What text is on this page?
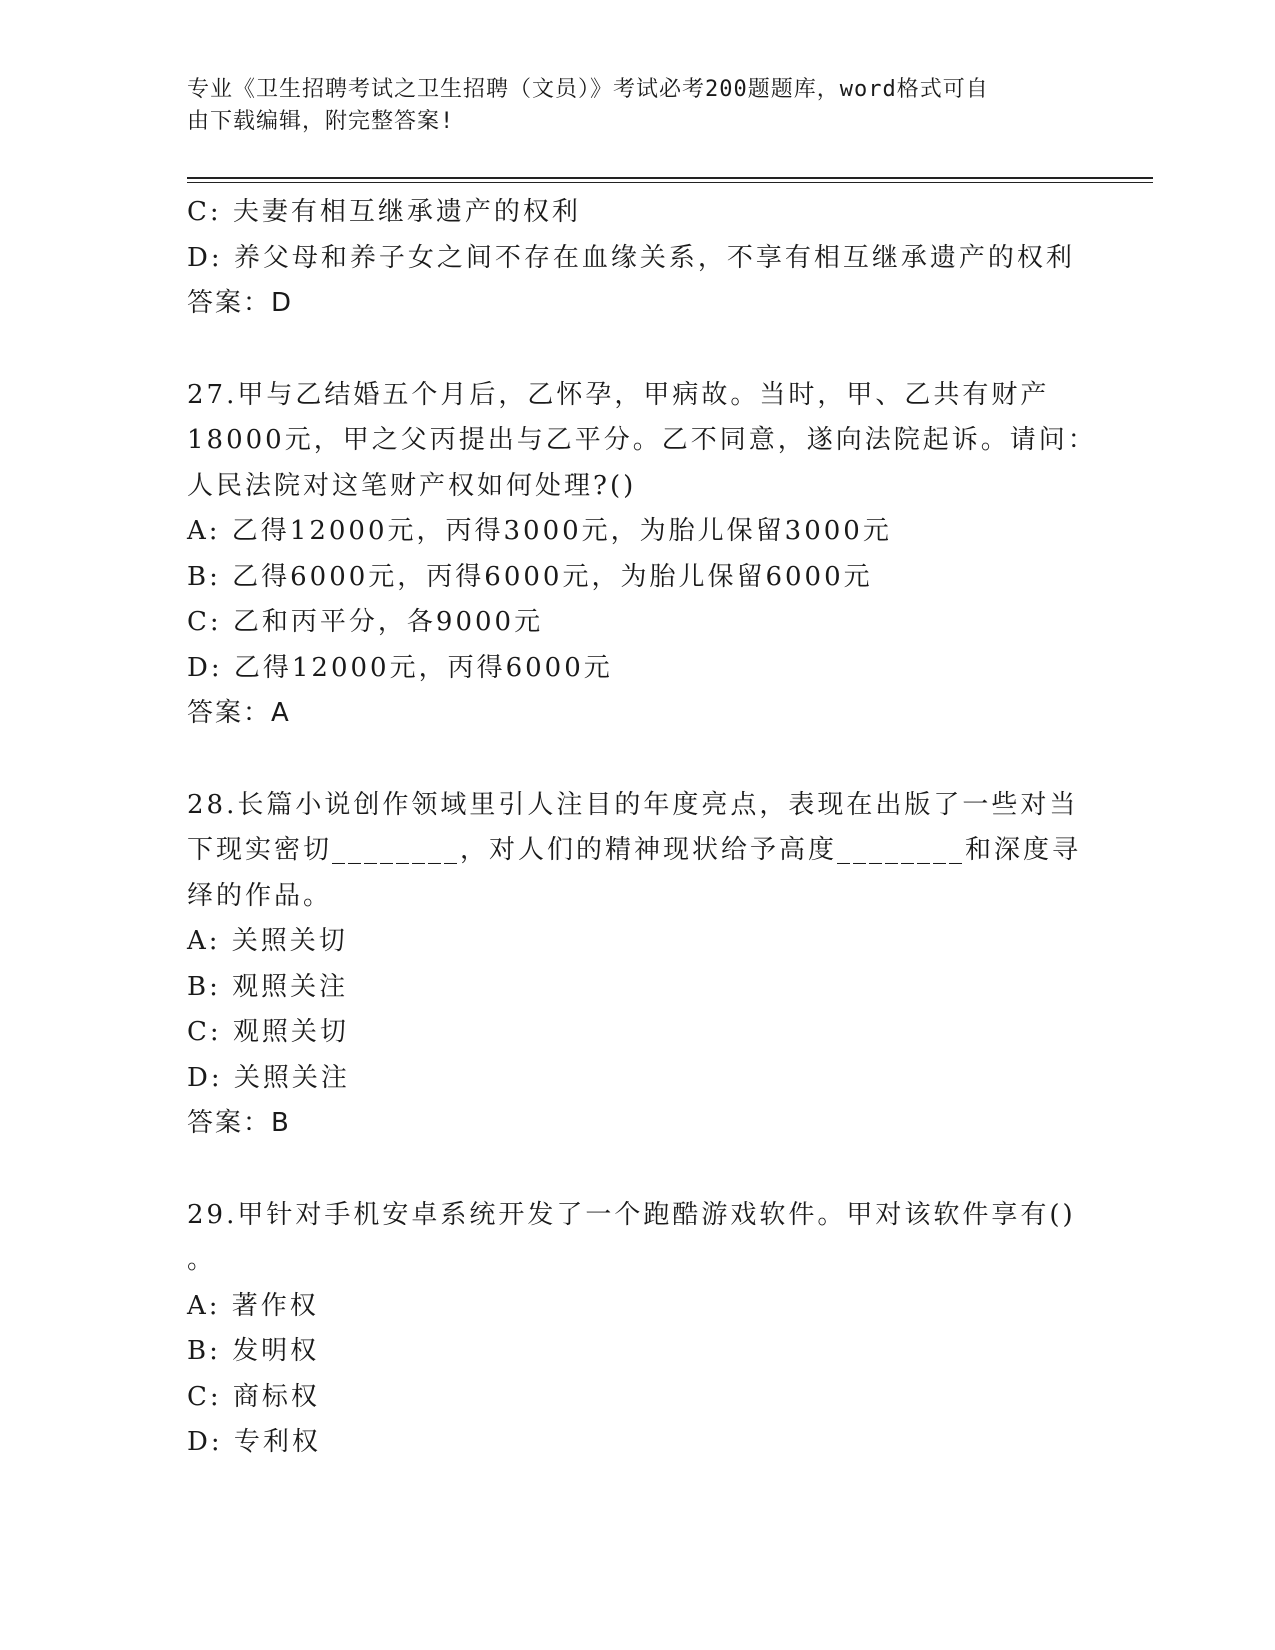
专业《卫生招聘考试之卫生招聘（文员）》考试必考200题题库，word格式可自
由下载编辑，附完整答案!
C: 夫妻有相互继承遗产的权利
D: 养父母和养子女之间不存在血缘关系，不享有相互继承遗产的权利
答案：D
27.甲与乙结婚五个月后，乙怀孕，甲病故。当时，甲、乙共有财产
18000元，甲之父丙提出与乙平分。乙不同意，遂向法院起诉。请问：
人民法院对这笔财产权如何处理?()
A: 乙得12000元，丙得3000元，为胎儿保留3000元
B: 乙得6000元，丙得6000元，为胎儿保留6000元
C: 乙和丙平分，各9000元
D: 乙得12000元，丙得6000元
答案：A
28.长篇小说创作领域里引人注目的年度亮点，表现在出版了一些对当
下现实密切________，对人们的精神现状给予高度________和深度寻
绎的作品。
A: 关照关切
B: 观照关注
C: 观照关切
D: 关照关注
答案：B
29.甲针对手机安卓系统开发了一个跑酷游戏软件。甲对该软件享有()
。
A: 著作权
B: 发明权
C: 商标权
D: 专利权
